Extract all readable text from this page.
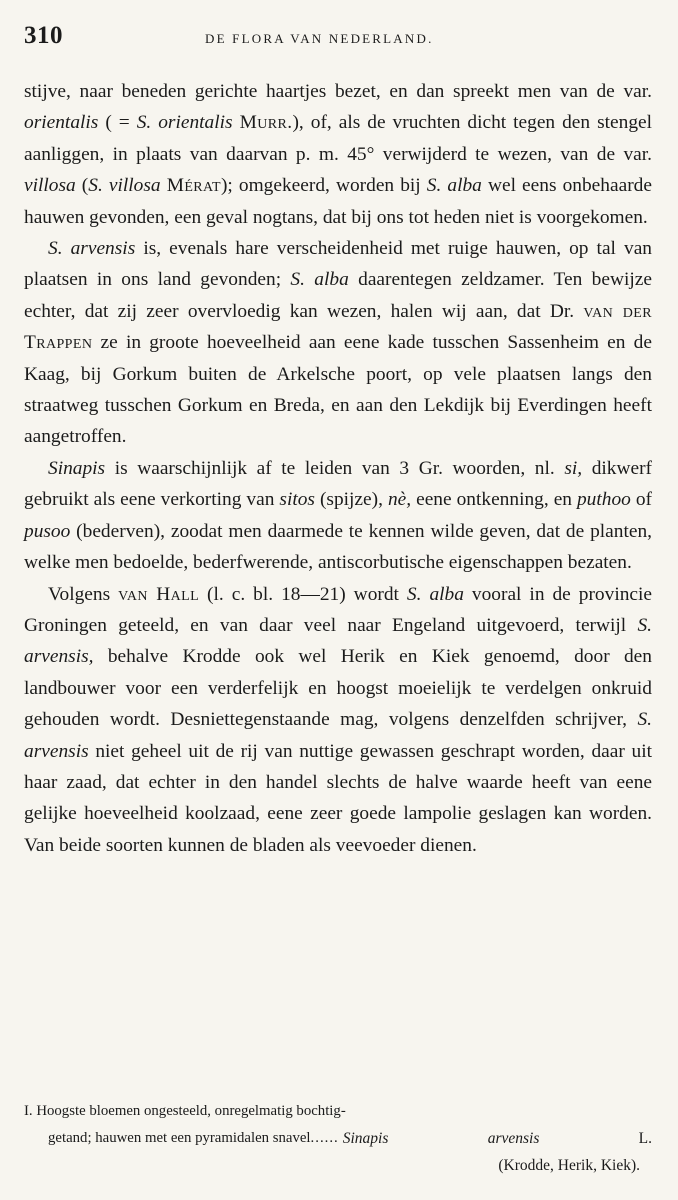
310	DE FLORA VAN NEDERLAND.

stijve, naar beneden gerichte haartjes bezet, en dan spreekt men van de var. orientalis ( = S. orientalis Murr.), of, als de vruchten dicht tegen den stengel aanliggen, in plaats van daarvan p. m. 45° verwijderd te wezen, van de var. villosa (S. villosa Mérat); omgekeerd, worden bij S. alba wel eens onbehaarde hauwen gevonden, een geval nogtans, dat bij ons tot heden niet is voorgekomen.

S. arvensis is, evenals hare verscheidenheid met ruige hauwen, op tal van plaatsen in ons land gevonden; S. alba daarentegen zeldzamer. Ten bewijze echter, dat zij zeer overvloedig kan wezen, halen wij aan, dat Dr. van der Trappen ze in groote hoeveelheid aan eene kade tusschen Sassenheim en de Kaag, bij Gorkum buiten de Arkelsche poort, op vele plaatsen langs den straatweg tusschen Gorkum en Breda, en aan den Lekdijk bij Everdingen heeft aangetroffen.

Sinapis is waarschijnlijk af te leiden van 3 Gr. woorden, nl. si, dikwerf gebruikt als eene verkorting van sitos (spijze), nè, eene ontkenning, en puthoo of pusoo (bederven), zoodat men daarmede te kennen wilde geven, dat de planten, welke men bedoelde, bederfwerende, antiscorbutische eigenschappen bezaten.

Volgens van Hall (l. c. bl. 18—21) wordt S. alba vooral in de provincie Groningen geteeld, en van daar veel naar Engeland uitgevoerd, terwijl S. arvensis, behalve Krodde ook wel Herik en Kiek genoemd, door den landbouwer voor een verderfelijk en hoogst moeielijk te verdelgen onkruid gehouden wordt. Desniettegenstaande mag, volgens denzelfden schrijver, S. arvensis niet geheel uit de rij van nuttige gewassen geschrapt worden, daar uit haar zaad, dat echter in den handel slechts de halve waarde heeft van eene gelijke hoeveelheid koolzaad, eene zeer goede lampolie geslagen kan worden. Van beide soorten kunnen de bladen als veevoeder dienen.

I. Hoogste bloemen ongesteeld, onregelmatig bochtig-
getand; hauwen met een pyramidalen snavel ...... Sinapis	arvensis	L.
(Krodde, Herik, Kiek).
